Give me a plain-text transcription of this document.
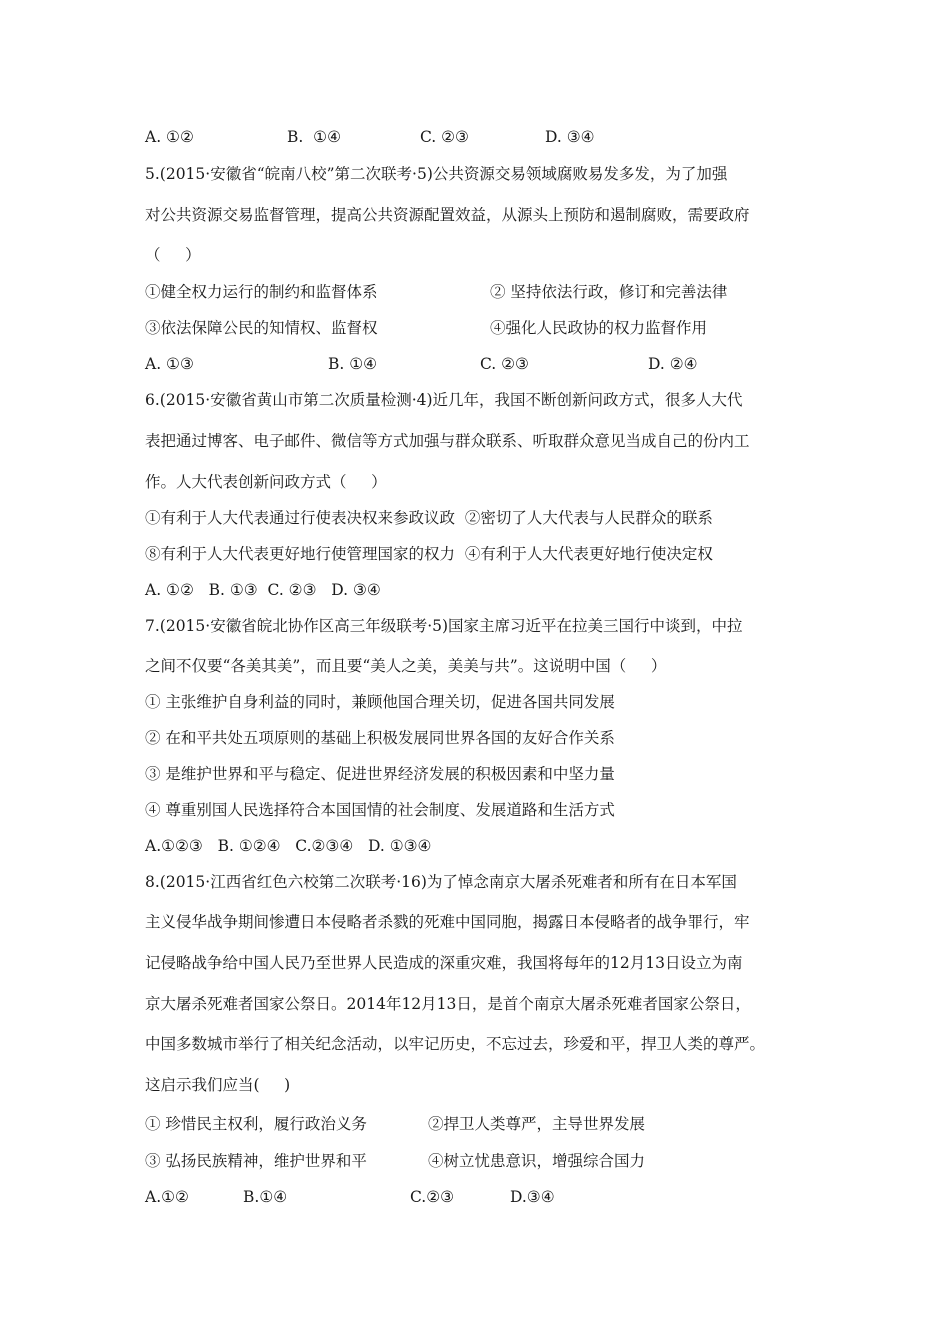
A. ①②	B.  ①④	C. ②③	D. ③④
5.(2015·安徽省“皖南八校”第二次联考·5)公共资源交易领域腐败易发多发，为了加强
对公共资源交易监督管理，提高公共资源配置效益，从源头上预防和遏制腐败，需要政府
（     ）
①健全权力运行的制约和监督体系	② 坚持依法行政，修订和完善法律
③依法保障公民的知情权、监督权	④强化人民政协的权力监督作用
A. ①③	B. ①④	C. ②③	D. ②④
6.(2015·安徽省黄山市第二次质量检测·4)近几年，我国不断创新问政方式，很多人大代
表把通过博客、电子邮件、微信等方式加强与群众联系、听取群众意见当成自己的份内工
作。人大代表创新问政方式（     ）
①有利于人大代表通过行使表决权来参政议政  ②密切了人大代表与人民群众的联系
⑧有利于人大代表更好地行使管理国家的权力  ④有利于人大代表更好地行使决定权
A. ①②   B. ①③  C. ②③   D. ③④
7.(2015·安徽省皖北协作区高三年级联考·5)国家主席习近平在拉美三国行中谈到，中拉
之间不仅要“各美其美”，而且要“美人之美，美美与共”。这说明中国（     ）
① 主张维护自身利益的同时，兼顾他国合理关切，促进各国共同发展
② 在和平共处五项原则的基础上积极发展同世界各国的友好合作关系
③ 是维护世界和平与稳定、促进世界经济发展的积极因素和中坚力量
④ 尊重别国人民选择符合本国国情的社会制度、发展道路和生活方式
A.①②③   B. ①②④   C.②③④   D. ①③④
8.(2015·江西省红色六校第二次联考·16)为了悼念南京大屠杀死难者和所有在日本军国
主义侵华战争期间惨遭日本侵略者杀戮的死难中国同胞，揭露日本侵略者的战争罪行，牢
记侵略战争给中国人民乃至世界人民造成的深重灾难，我国将每年的12月13日设立为南
京大屠杀死难者国家公祭日。2014年12月13日，是首个南京大屠杀死难者国家公祭日，
中国多数城市举行了相关纪念活动，以牢记历史，不忘过去，珍爱和平，捍卫人类的尊严。
这启示我们应当(     )
① 珍惜民主权利，履行政治义务	②捍卫人类尊严，主导世界发展
③ 弘扬民族精神，维护世界和平	④树立忧患意识，增强综合国力
A.①②	B.①④	C.②③	D.③④
